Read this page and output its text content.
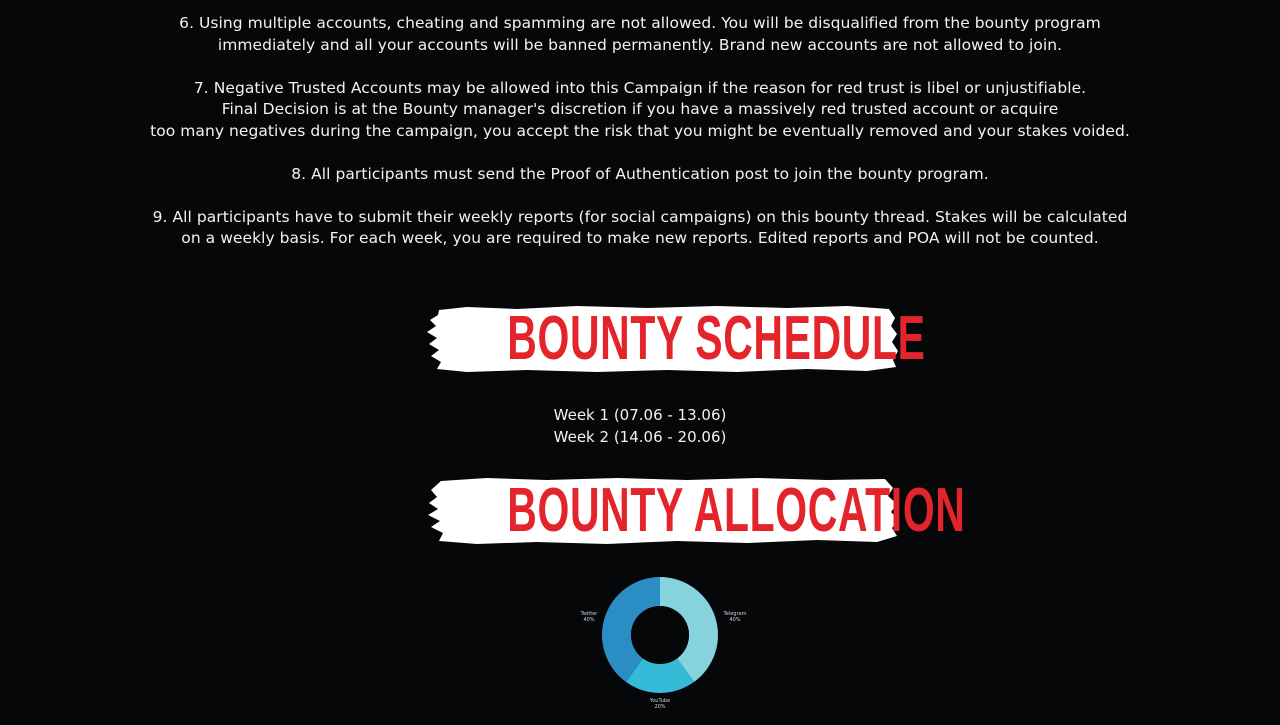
6. Using multiple accounts, cheating and spamming are not allowed. You will be disqualified from the bounty program
immediately and all your accounts will be banned permanently. Brand new accounts are not allowed to join.
7. Negative Trusted Accounts may be allowed into this Campaign if the reason for red trust is libel or unjustifiable.
Final Decision is at the Bounty manager's discretion if you have a massively red trusted account or acquire
too many negatives during the campaign, you accept the risk that you might be eventually removed and your stakes voided.
8. All participants must send the Proof of Authentication post to join the bounty program.
9. All participants have to submit their weekly reports (for social campaigns) on this bounty thread. Stakes will be calculated
on a weekly basis. For each week, you are required to make new reports. Edited reports and POA will not be counted.
BOUNTY SCHEDULE
Week 1 (07.06 - 13.06)
Week 2 (14.06 - 20.06)
BOUNTY ALLOCATION
Telegram
40%
YouTube
20%
Twitter
40%
